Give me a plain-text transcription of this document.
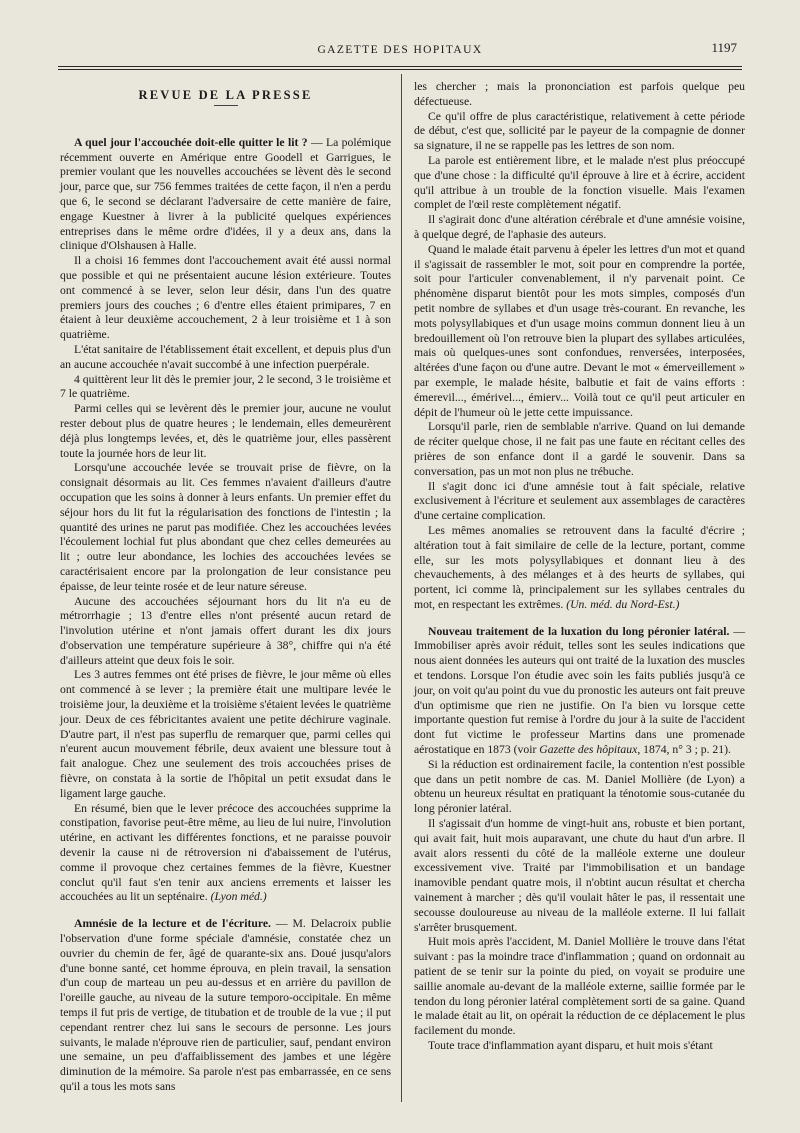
GAZETTE DES HOPITAUX	1197
REVUE DE LA PRESSE

A quel jour l'accouchée doit-elle quitter le lit ? — La polémique récemment ouverte en Amérique entre Goodell et Garrigues, le premier voulant que les nouvelles accouchées se lèvent dès le second jour, parce que, sur 756 femmes traitées de cette façon, il n'en a perdu que 6, le second se déclarant l'adversaire de cette manière de faire, engage Kuestner à livrer à la publicité quelques expériences entreprises dans le même ordre d'idées, il y a deux ans, dans la clinique d'Olshausen à Halle.

Il a choisi 16 femmes dont l'accouchement avait été aussi normal que possible et qui ne présentaient aucune lésion extérieure. Toutes ont commencé à se lever, selon leur désir, dans l'un des quatre premiers jours des couches ; 6 d'entre elles étaient primipares, 7 en étaient à leur deuxième accouchement, 2 à leur troisième et 1 à son quatrième.

L'état sanitaire de l'établissement était excellent, et depuis plus d'un an aucune accouchée n'avait succombé à une infection puerpérale.

4 quittèrent leur lit dès le premier jour, 2 le second, 3 le troisième et 7 le quatrième.

Parmi celles qui se levèrent dès le premier jour, aucune ne voulut rester debout plus de quatre heures ; le lendemain, elles demeurèrent déjà plus longtemps levées, et, dès le quatrième jour, elles passèrent toute la journée hors de leur lit.

Lorsqu'une accouchée levée se trouvait prise de fièvre, on la consignait désormais au lit. Ces femmes n'avaient d'ailleurs d'autre occupation que les soins à donner à leurs enfants. Un premier effet du séjour hors du lit fut la régularisation des fonctions de l'intestin ; la quantité des urines ne parut pas modifiée. Chez les accouchées levées l'écoulement lochial fut plus abondant que chez celles demeurées au lit ; outre leur abondance, les lochies des accouchées levées se caractérisaient encore par la prolongation de leur consistance peu épaisse, de leur teinte rosée et de leur nature séreuse.

Aucune des accouchées séjournant hors du lit n'a eu de métrorrhagie ; 13 d'entre elles n'ont présenté aucun retard de l'involution utérine et n'ont jamais offert durant les dix jours d'observation une température supérieure à 38°, chiffre qui n'a été d'ailleurs atteint que deux fois le soir.

Les 3 autres femmes ont été prises de fièvre, le jour même où elles ont commencé à se lever ; la première était une multipare levée le troisième jour, la deuxième et la troisième s'étaient levées le quatrième jour. Deux de ces fébricitantes avaient une petite déchirure vaginale. D'autre part, il n'est pas superflu de remarquer que, parmi celles qui n'eurent aucun mouvement fébrile, deux avaient une blessure tout à fait analogue. Chez une seulement des trois accouchées prises de fièvre, on constata à la sortie de l'hôpital un petit exsudat dans le ligament large gauche.

En résumé, bien que le lever précoce des accouchées supprime la constipation, favorise peut-être même, au lieu de lui nuire, l'involution utérine, en activant les différentes fonctions, et ne paraisse pouvoir devenir la cause ni de rétroversion ni d'abaissement de l'utérus, comme il provoque chez certaines femmes de la fièvre, Kuestner conclut qu'il faut s'en tenir aux anciens errements et laisser les accouchées au lit un septénaire. (Lyon méd.)

Amnésie de la lecture et de l'écriture. — M. Delacroix publie l'observation d'une forme spéciale d'amnésie, constatée chez un ouvrier du chemin de fer, âgé de quarante-six ans. Doué jusqu'alors d'une bonne santé, cet homme éprouva, en plein travail, la sensation d'un coup de marteau un peu au-dessus et en arrière du pavillon de l'oreille gauche, au niveau de la suture temporo-occipitale. En même temps il fut pris de vertige, de titubation et de trouble de la vue ; il put cependant rentrer chez lui sans le secours de personne. Les jours suivants, le malade n'éprouve rien de particulier, sauf, pendant environ une semaine, un peu d'affaiblissement des jambes et une légère diminution de la mémoire. Sa parole n'est pas embarrassée, en ce sens qu'il a tous les mots sans

les chercher ; mais la prononciation est parfois quelque peu défectueuse.

Ce qu'il offre de plus caractéristique, relativement à cette période de début, c'est que, sollicité par le payeur de la compagnie de donner sa signature, il ne se rappelle pas les lettres de son nom.

La parole est entièrement libre, et le malade n'est plus préoccupé que d'une chose : la difficulté qu'il éprouve à lire et à écrire, accident qu'il attribue à un trouble de la fonction visuelle. Mais l'examen complet de l'œil reste complètement négatif.

Il s'agirait donc d'une altération cérébrale et d'une amnésie voisine, à quelque degré, de l'aphasie des auteurs.

Quand le malade était parvenu à épeler les lettres d'un mot et quand il s'agissait de rassembler le mot, soit pour en comprendre la portée, soit pour l'articuler convenablement, il n'y parvenait point. Ce phénomène disparut bientôt pour les mots simples, composés d'un petit nombre de syllabes et d'un usage très-courant. En revanche, les mots polysyllabiques et d'un usage moins commun donnent lieu à un bredouillement où l'on retrouve bien la plupart des syllabes articulées, mais où quelques-unes sont confondues, renversées, interposées, altérées d'une façon ou d'une autre. Devant le mot « émerveillement » par exemple, le malade hésite, balbutie et fait de vains efforts : émerevil..., émérivel..., émierv... Voilà tout ce qu'il peut articuler en dépit de l'humeur où le jette cette impuissance.

Lorsqu'il parle, rien de semblable n'arrive. Quand on lui demande de réciter quelque chose, il ne fait pas une faute en récitant celles des prières de son enfance dont il a gardé le souvenir. Dans sa conversation, pas un mot non plus ne trébuche.

Il s'agit donc ici d'une amnésie tout à fait spéciale, relative exclusivement à l'écriture et seulement aux assemblages de caractères d'une certaine complication.

Les mêmes anomalies se retrouvent dans la faculté d'écrire ; altération tout à fait similaire de celle de la lecture, portant, comme elle, sur les mots polysyllabiques et donnant lieu à des chevauchements, à des mélanges et à des heurts de syllabes, qui portent, ici comme là, principalement sur les syllabes centrales du mot, en respectant les extrêmes. (Un. méd. du Nord-Est.)

Nouveau traitement de la luxation du long péronier latéral. —Immobiliser après avoir réduit, telles sont les seules indications que nous aient données les auteurs qui ont traité de la luxation des muscles et tendons. Lorsque l'on étudie avec soin les faits publiés jusqu'à ce jour, on voit qu'au point du vue du pronostic les auteurs ont fait preuve d'un optimisme que rien ne justifie. On l'a bien vu lorsque cette importante question fut remise à l'ordre du jour à la suite de l'accident dont fut victime le professeur Martins dans une promenade aérostatique en 1873 (voir Gazette des hôpitaux, 1874, n° 3 ; p. 21).

Si la réduction est ordinairement facile, la contention n'est possible que dans un petit nombre de cas. M. Daniel Mollière (de Lyon) a obtenu un heureux résultat en pratiquant la ténotomie sous-cutanée du long péronier latéral.

Il s'agissait d'un homme de vingt-huit ans, robuste et bien portant, qui avait fait, huit mois auparavant, une chute du haut d'un arbre. Il avait alors ressenti du côté de la malléole externe une douleur excessivement vive. Traité par l'immobilisation et un bandage inamovible pendant quatre mois, il n'obtint aucun résultat et chercha vainement à marcher ; dès qu'il voulait hâter le pas, il ressentait une secousse douloureuse au niveau de la malléole externe. Il lui fallait s'arrêter brusquement.

Huit mois après l'accident, M. Daniel Mollière le trouve dans l'état suivant : pas la moindre trace d'inflammation ; quand on ordonnait au patient de se tenir sur la pointe du pied, on voyait se produire une saillie anomale au-devant de la malléole externe, saillie formée par le tendon du long péronier latéral complètement sorti de sa gaine. Quand le malade était au lit, on opérait la réduction de ce déplacement le plus facilement du monde.

Toute trace d'inflammation ayant disparu, et huit mois s'étant
